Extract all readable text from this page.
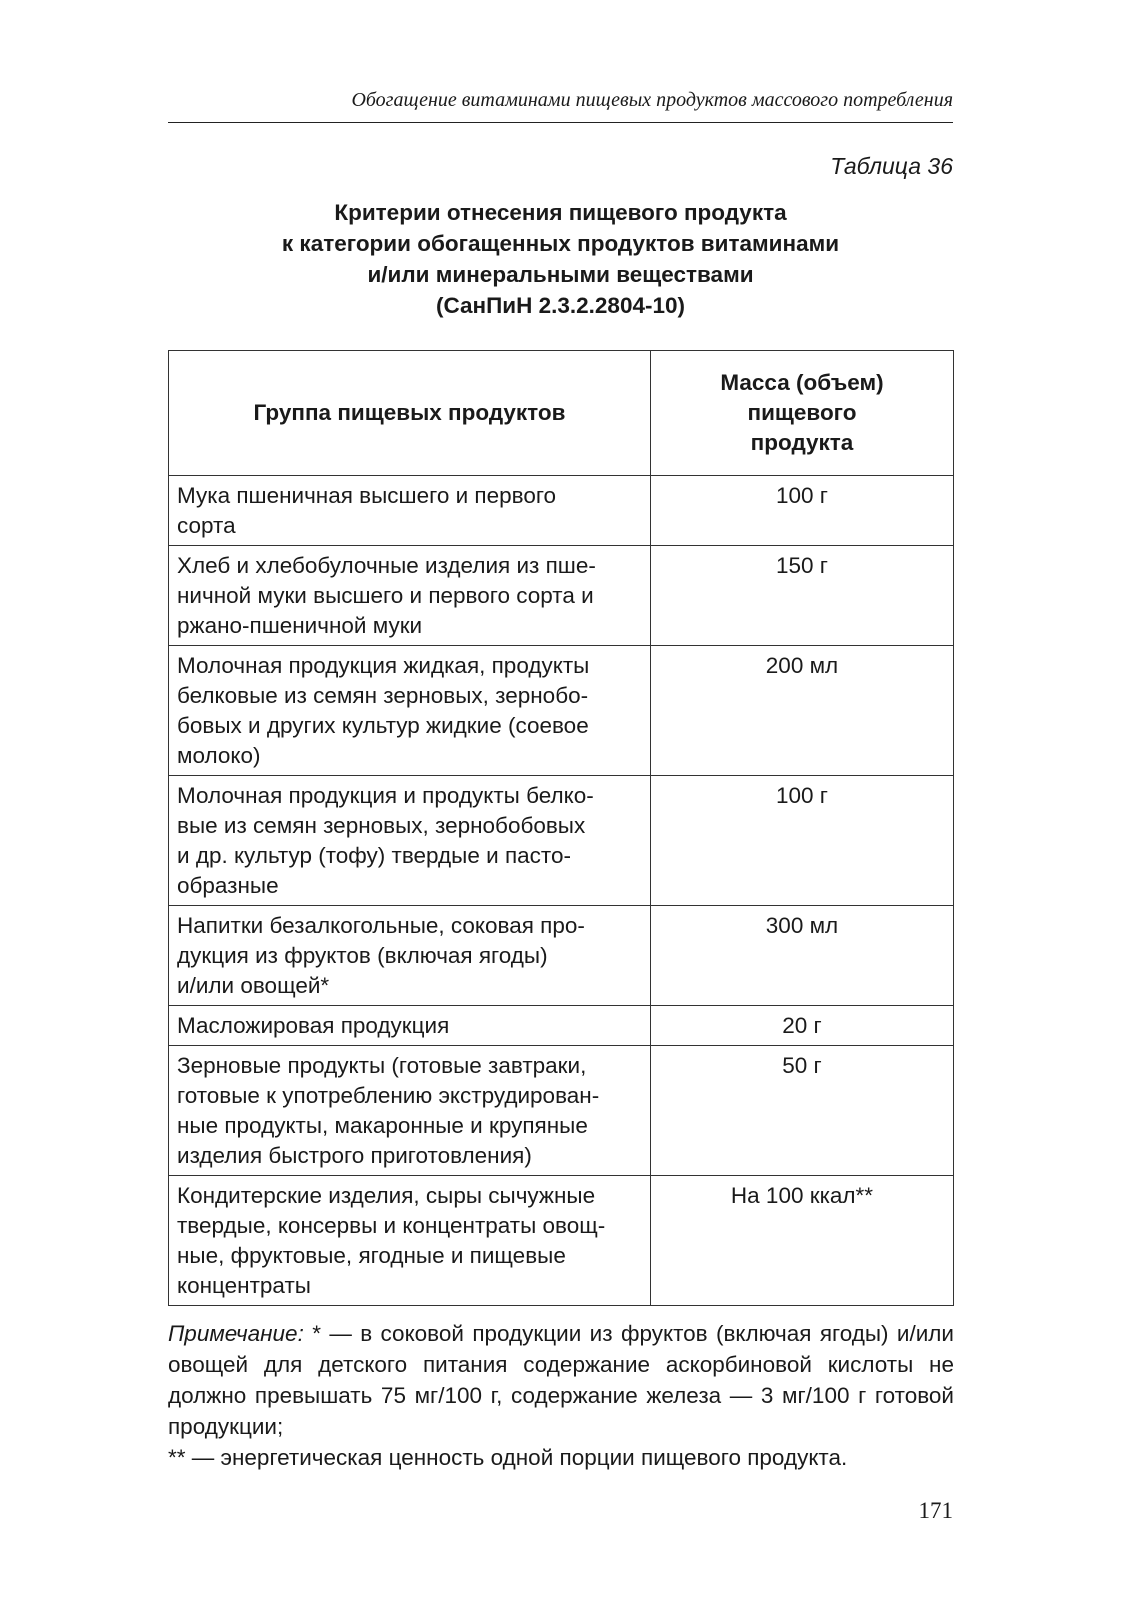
Обогащение витаминами пищевых продуктов массового потребления
Таблица 36
Критерии отнесения пищевого продукта
к категории обогащенных продуктов витаминами
и/или минеральными веществами
(СанПиН 2.3.2.2804-10)
Группа пищевых продуктов	Масса (объем)
пищевого
продукта

Мука пшеничная высшего и первого
сорта	100 г

Хлеб и хлебобулочные изделия из пше-
ничной муки высшего и первого сорта и
ржано-пшеничной муки	150 г

Молочная продукция жидкая, продукты
белковые из семян зерновых, зернобо-
бовых и других культур жидкие (соевое
молоко)	200 мл

Молочная продукция и продукты белко-
вые из семян зерновых, зернобобовых
и др. культур (тофу) твердые и пасто-
образные	100 г

Напитки безалкогольные, соковая про-
дукция из фруктов (включая ягоды)
и/или овощей*	300 мл

Масложировая продукция	20 г

Зерновые продукты (готовые завтраки,
готовые к употреблению экструдирован-
ные продукты, макаронные и крупяные
изделия быстрого приготовления)	50 г

Кондитерские изделия, сыры сычужные
твердые, консервы и концентраты овощ-
ные, фруктовые, ягодные и пищевые
концентраты	На 100 ккал**

Примечание: * — в соковой продукции из фруктов (включая ягоды) и/или овощей для детского питания содержание аскорбиновой кислоты не должно превышать 75 мг/100 г, содержание железа — 3 мг/100 г готовой продукции;

** — энергетическая ценность одной порции пищевого продукта.

171
